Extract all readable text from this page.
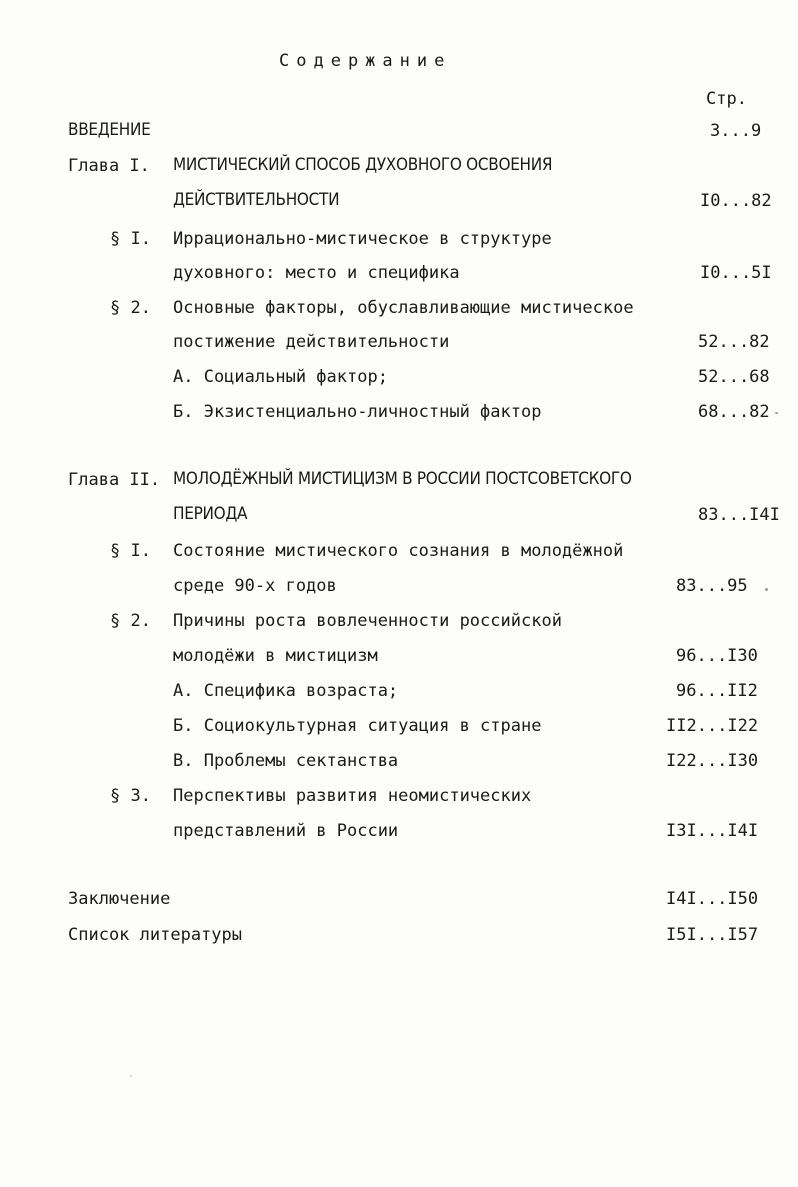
Содержание
Стр.
ВВЕДЕНИЕ	3...9
Глава I. МИСТИЧЕСКИЙ СПОСОБ ДУХОВНОГО ОСВОЕНИЯ
ДЕЙСТВИТЕЛЬНОСТИ	I0...82
§ I. Иррационально-мистическое в структуре
духовного: место и специфика	I0...5I
§ 2. Основные факторы, обуславливающие мистическое
постижение действительности	52...82
А. Социальный фактор;	52...68
Б. Экзистенциально-личностный фактор	68...82
Глава II. МОЛОДЁЖНЫЙ МИСТИЦИЗМ В РОССИИ ПОСТСОВЕТСКОГО
ПЕРИОДА	83...I4I
§ I. Состояние мистического сознания в молодёжной
среде 90-х годов	83...95
§ 2. Причины роста вовлеченности российской
молодёжи в мистицизм	96...I30
А. Специфика возраста;	96...II2
Б. Социокультурная ситуация в стране	II2...I22
В. Проблемы сектанства	I22...I30
§ 3. Перспективы развития неомистических
представлений в России	I3I...I4I
Заключение	I4I...I50
Список литературы	I5I...I57
